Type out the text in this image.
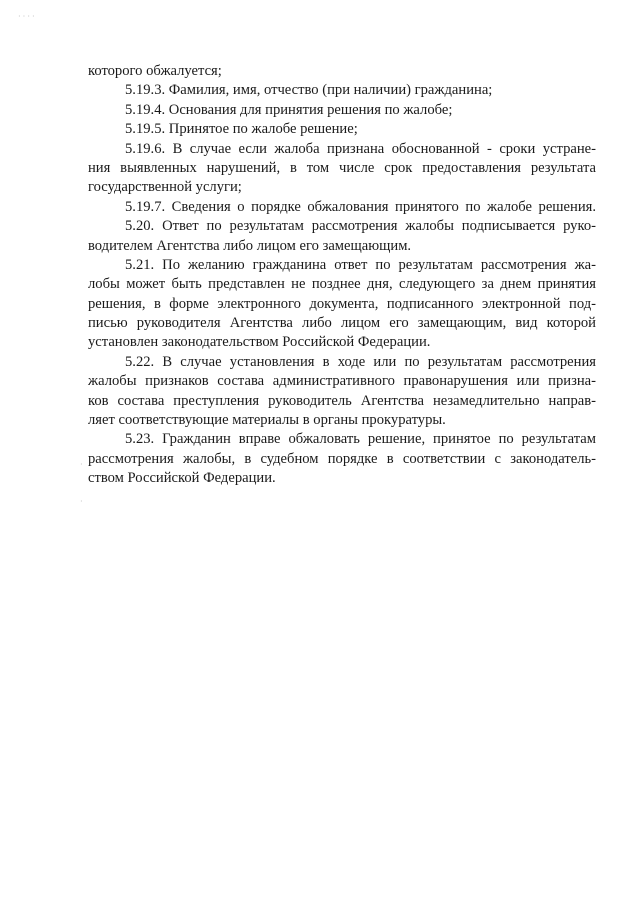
· · · ·
·
·
которого обжалуется;
5.19.3. Фамилия, имя, отчество (при наличии) гражданина;
5.19.4. Основания для принятия решения по жалобе;
5.19.5. Принятое по жалобе решение;
5.19.6. В случае если жалоба признана обоснованной - сроки устране-
ния выявленных нарушений, в том числе срок предоставления результата
государственной услуги;
5.19.7. Сведения о порядке обжалования принятого по жалобе решения.
5.20. Ответ по результатам рассмотрения жалобы подписывается руко-
водителем Агентства либо лицом его замещающим.
5.21. По желанию гражданина ответ по результатам рассмотрения жа-
лобы может быть представлен не позднее дня, следующего за днем принятия
решения, в форме электронного документа, подписанного электронной под-
писью руководителя Агентства либо лицом его замещающим, вид которой
установлен законодательством Российской Федерации.
5.22. В случае установления в ходе или по результатам рассмотрения
жалобы признаков состава административного правонарушения или призна-
ков состава преступления руководитель Агентства незамедлительно направ-
ляет соответствующие материалы в органы прокуратуры.
5.23. Гражданин вправе обжаловать решение, принятое по результатам
рассмотрения жалобы, в судебном порядке в соответствии с законодатель-
ством Российской Федерации.
